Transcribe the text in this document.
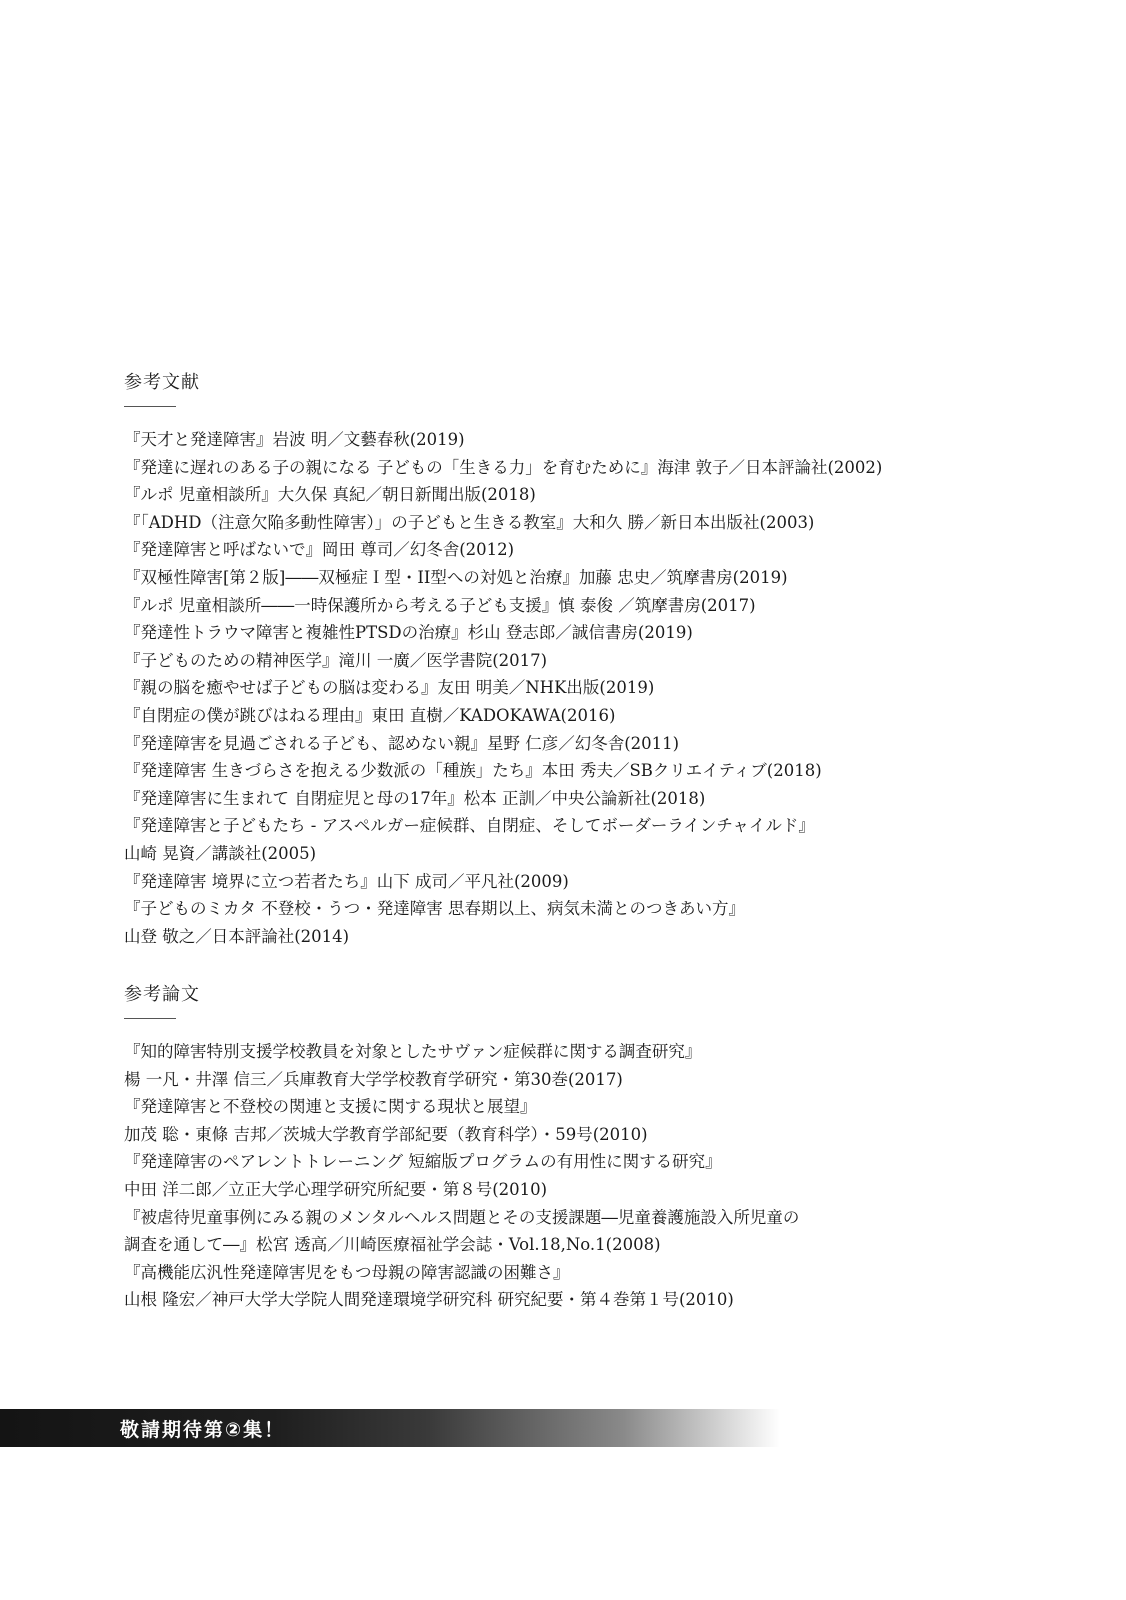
参考文献
『天才と発達障害』岩波 明／文藝春秋(2019)
『発達に遅れのある子の親になる 子どもの「生きる力」を育むために』海津 敦子／日本評論社(2002)
『ルポ 児童相談所』大久保 真紀／朝日新聞出版(2018)
『「ADHD（注意欠陥多動性障害）」の子どもと生きる教室』大和久 勝／新日本出版社(2003)
『発達障害と呼ばないで』岡田 尊司／幻冬舎(2012)
『双極性障害[第２版]――双極症Ｉ型・II型への対処と治療』加藤 忠史／筑摩書房(2019)
『ルポ 児童相談所――一時保護所から考える子ども支援』慎 泰俊 ／筑摩書房(2017)
『発達性トラウマ障害と複雑性PTSDの治療』杉山 登志郎／誠信書房(2019)
『子どものための精神医学』滝川 一廣／医学書院(2017)
『親の脳を癒やせば子どもの脳は変わる』友田 明美／NHK出版(2019)
『自閉症の僕が跳びはねる理由』東田 直樹／KADOKAWA(2016)
『発達障害を見過ごされる子ども、認めない親』星野 仁彦／幻冬舎(2011)
『発達障害 生きづらさを抱える少数派の「種族」たち』本田 秀夫／SBクリエイティブ(2018)
『発達障害に生まれて 自閉症児と母の17年』松本 正訓／中央公論新社(2018)
『発達障害と子どもたち - アスペルガー症候群、自閉症、そしてボーダーラインチャイルド』
山崎 晃資／講談社(2005)
『発達障害 境界に立つ若者たち』山下 成司／平凡社(2009)
『子どものミカタ 不登校・うつ・発達障害 思春期以上、病気未満とのつきあい方』
山登 敬之／日本評論社(2014)
参考論文
『知的障害特別支援学校教員を対象としたサヴァン症候群に関する調査研究』
楊 一凡・井澤 信三／兵庫教育大学学校教育学研究・第30巻(2017)
『発達障害と不登校の関連と支援に関する現状と展望』
加茂 聡・東條 吉邦／茨城大学教育学部紀要（教育科学）・59号(2010)
『発達障害のペアレントトレーニング 短縮版プログラムの有用性に関する研究』
中田 洋二郎／立正大学心理学研究所紀要・第８号(2010)
『被虐待児童事例にみる親のメンタルヘルス問題とその支援課題―児童養護施設入所児童の
調査を通して―』松宮 透高／川崎医療福祉学会誌・Vol.18,No.1(2008)
『高機能広汎性発達障害児をもつ母親の障害認識の困難さ』
山根 隆宏／神戸大学大学院人間発達環境学研究科 研究紀要・第４巻第１号(2010)
敬請期待第②集！
